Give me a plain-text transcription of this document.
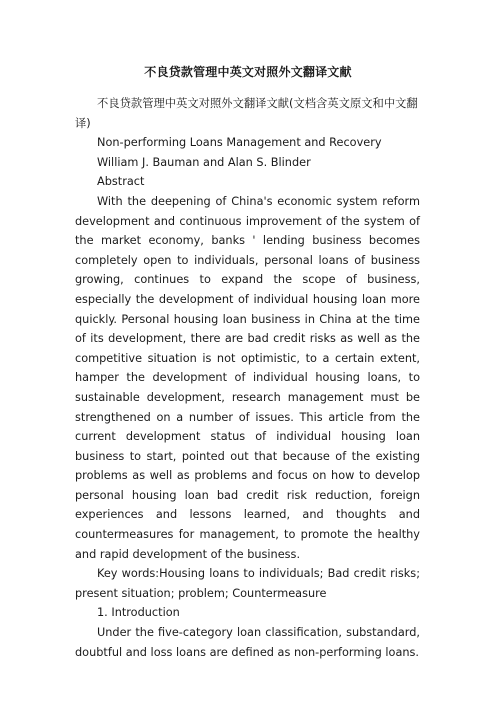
不良贷款管理中英文对照外文翻译文献

不良贷款管理中英文对照外文翻译文献(文档含英文原文和中文翻译)

Non-performing Loans Management and Recovery

William J. Bauman and Alan S. Blinder

Abstract

With the deepening of China's economic system reform development and continuous improvement of the system of the market economy, banks ' lending business becomes completely open to individuals, personal loans of business growing, continues to expand the scope of business, especially the development of individual housing loan more quickly. Personal housing loan business in China at the time of its development, there are bad credit risks as well as the competitive situation is not optimistic, to a certain extent, hamper the development of individual housing loans, to sustainable development, research management must be strengthened on a number of issues. This article from the current development status of individual housing loan business to start, pointed out that because of the existing problems as well as problems and focus on how to develop personal housing loan bad credit risk reduction, foreign experiences and lessons learned, and thoughts and countermeasures for management, to promote the healthy and rapid development of the business.

Key words:Housing loans to individuals; Bad credit risks; present situation; problem; Countermeasure

1. Introduction

Under the five-category loan classification, substandard, doubtful and loss loans are defined as non-performing loans.
